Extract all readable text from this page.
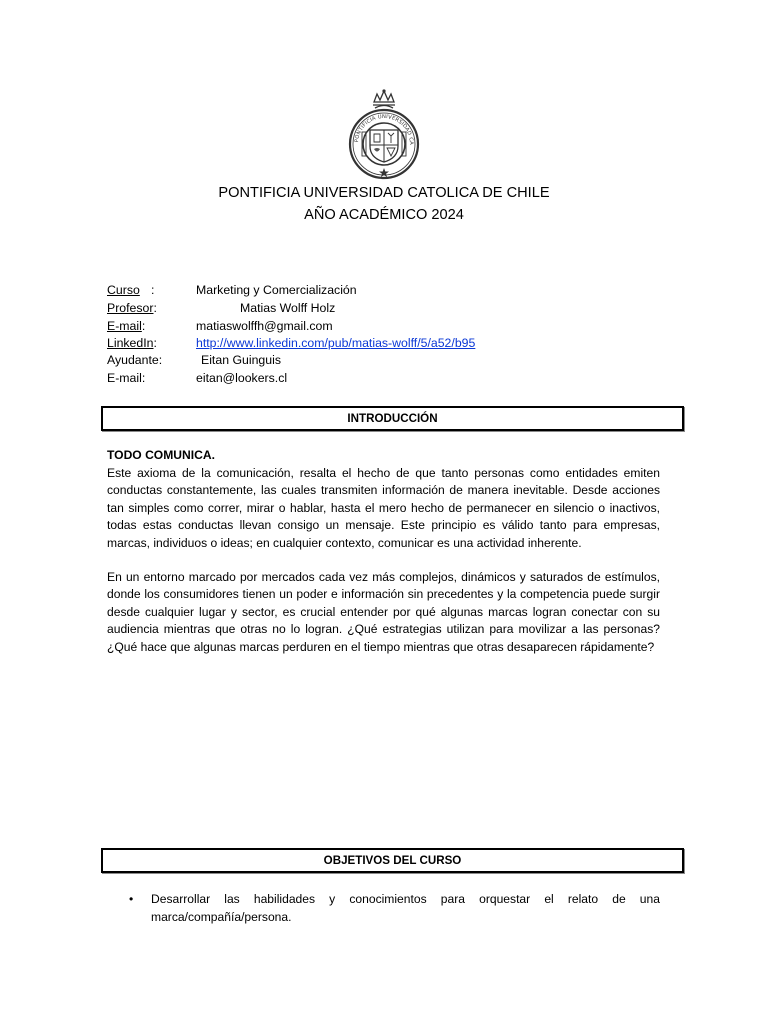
PONTIFICIA UNIVERSIDAD CA
PONTIFICIA UNIVERSIDAD CATOLICA DE CHILE
AÑO ACADÉMICO 2024
Curso :	Marketing y Comercialización
Profesor:	Matias Wolff Holz
E-mail:	matiaswolffh@gmail.com
LinkedIn:	http://www.linkedin.com/pub/matias-wolff/5/a52/b95
Ayudante:	Eitan Guinguis
E-mail:	eitan@lookers.cl
INTRODUCCIÓN
TODO COMUNICA.
Este axioma de la comunicación, resalta el hecho de que tanto personas como entidades emiten conductas constantemente, las cuales transmiten información de manera inevitable. Desde acciones tan simples como correr, mirar o hablar, hasta el mero hecho de permanecer en silencio o inactivos, todas estas conductas llevan consigo un mensaje. Este principio es válido tanto para empresas, marcas, individuos o ideas; en cualquier contexto, comunicar es una actividad inherente.
En un entorno marcado por mercados cada vez más complejos, dinámicos y saturados de estímulos, donde los consumidores tienen un poder e información sin precedentes y la competencia puede surgir desde cualquier lugar y sector, es crucial entender por qué algunas marcas logran conectar con su audiencia mientras que otras no lo logran. ¿Qué estrategias utilizan para movilizar a las personas? ¿Qué hace que algunas marcas perduren en el tiempo mientras que otras desaparecen rápidamente?
OBJETIVOS DEL CURSO
• Desarrollar las habilidades y conocimientos para orquestar el relato de una marca/compañía/persona.
